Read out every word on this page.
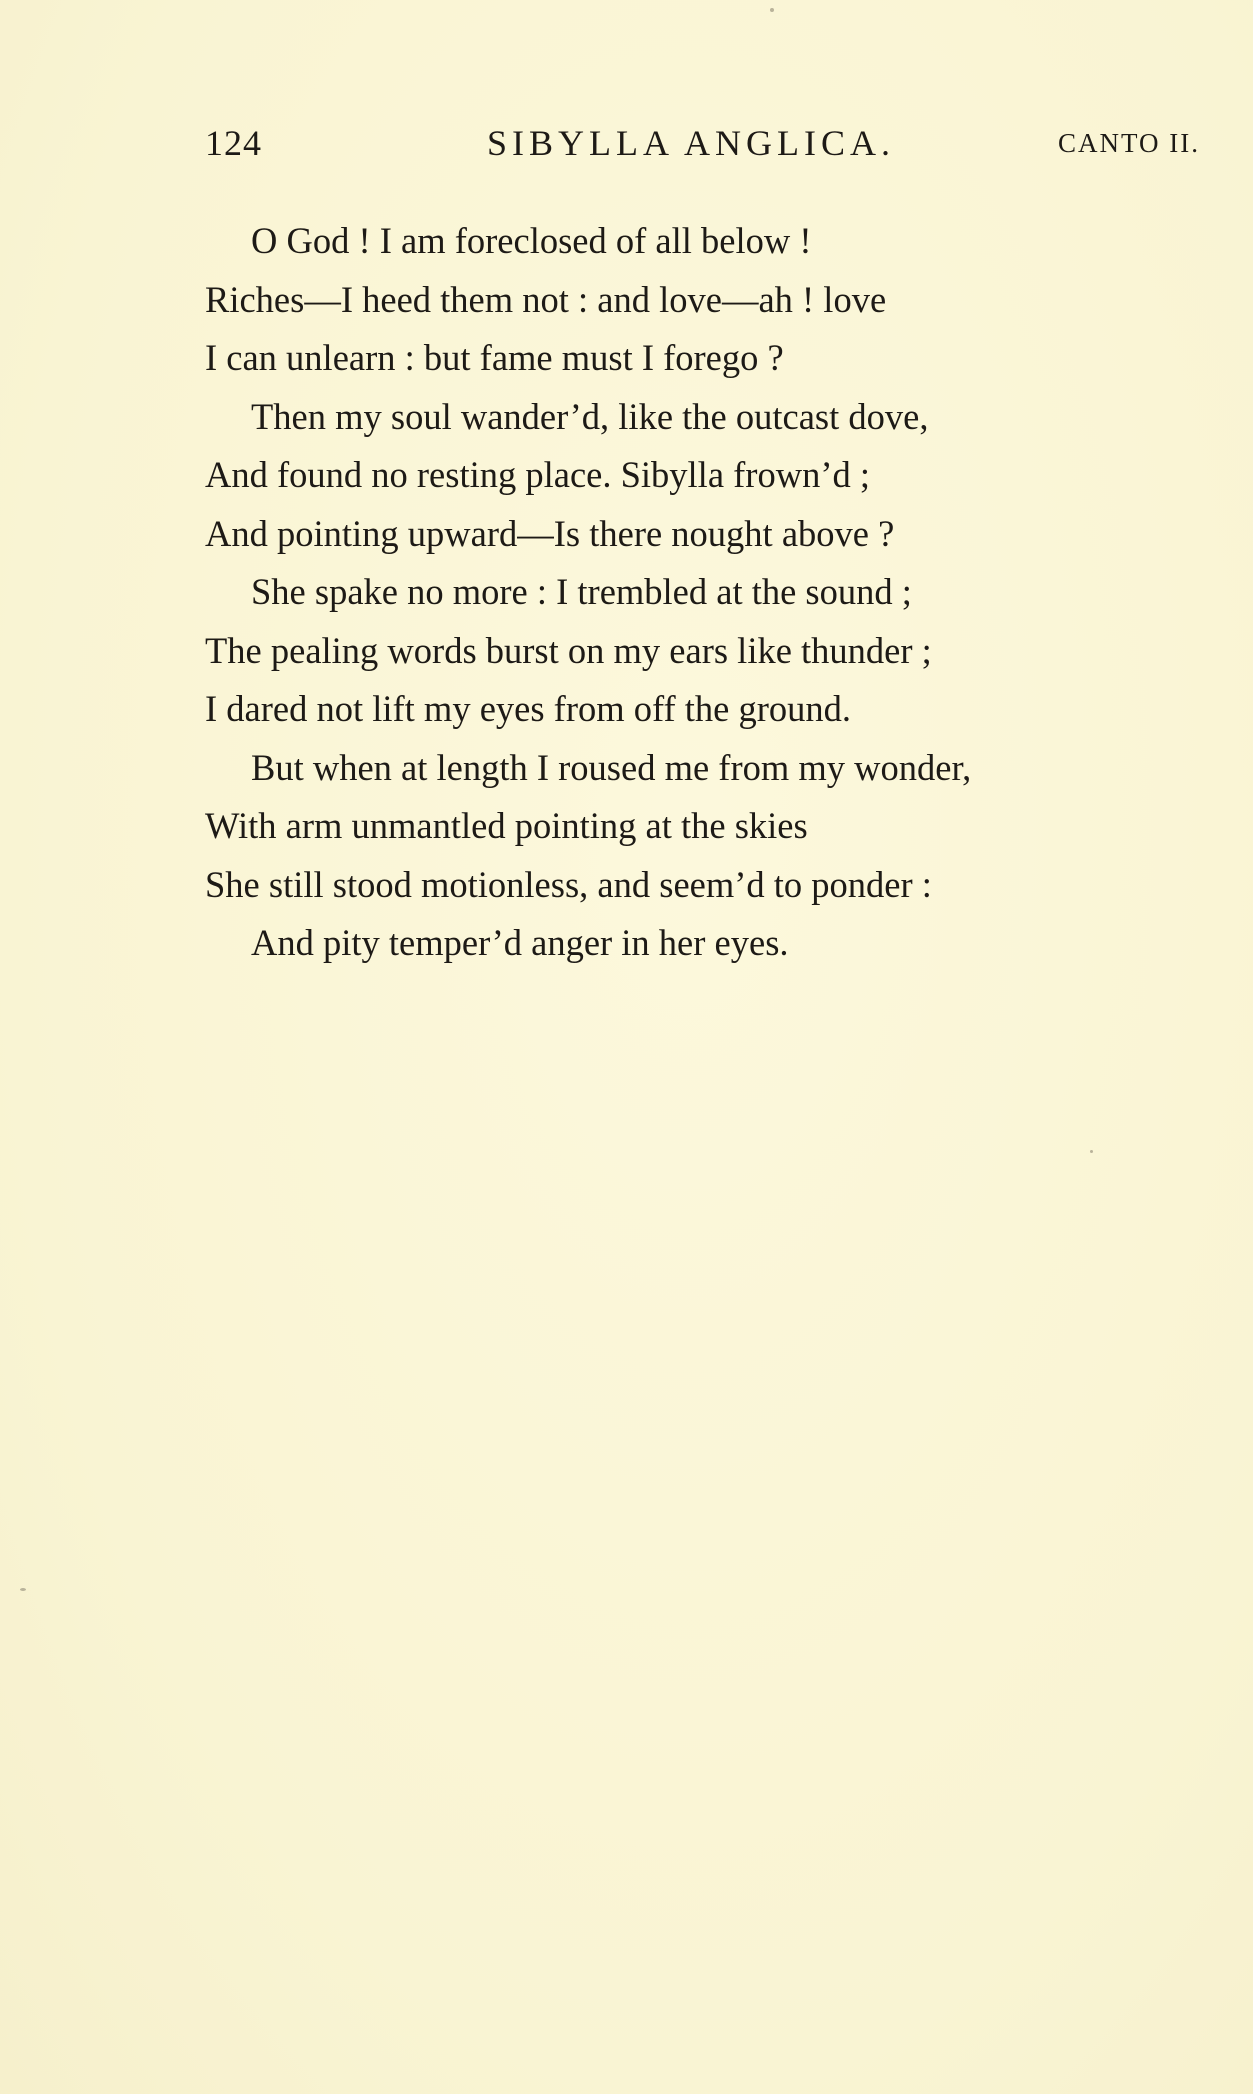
124	SIBYLLA ANGLICA.	CANTO II.
O God ! I am foreclosed of all below !
Riches—I heed them not : and love—ah ! love
I can unlearn : but fame must I forego ?
Then my soul wander’d, like the outcast dove,
And found no resting place. Sibylla frown’d ;
And pointing upward—Is there nought above ?
She spake no more : I trembled at the sound ;
The pealing words burst on my ears like thunder ;
I dared not lift my eyes from off the ground.
But when at length I roused me from my wonder,
With arm unmantled pointing at the skies
She still stood motionless, and seem’d to ponder :
And pity temper’d anger in her eyes.
